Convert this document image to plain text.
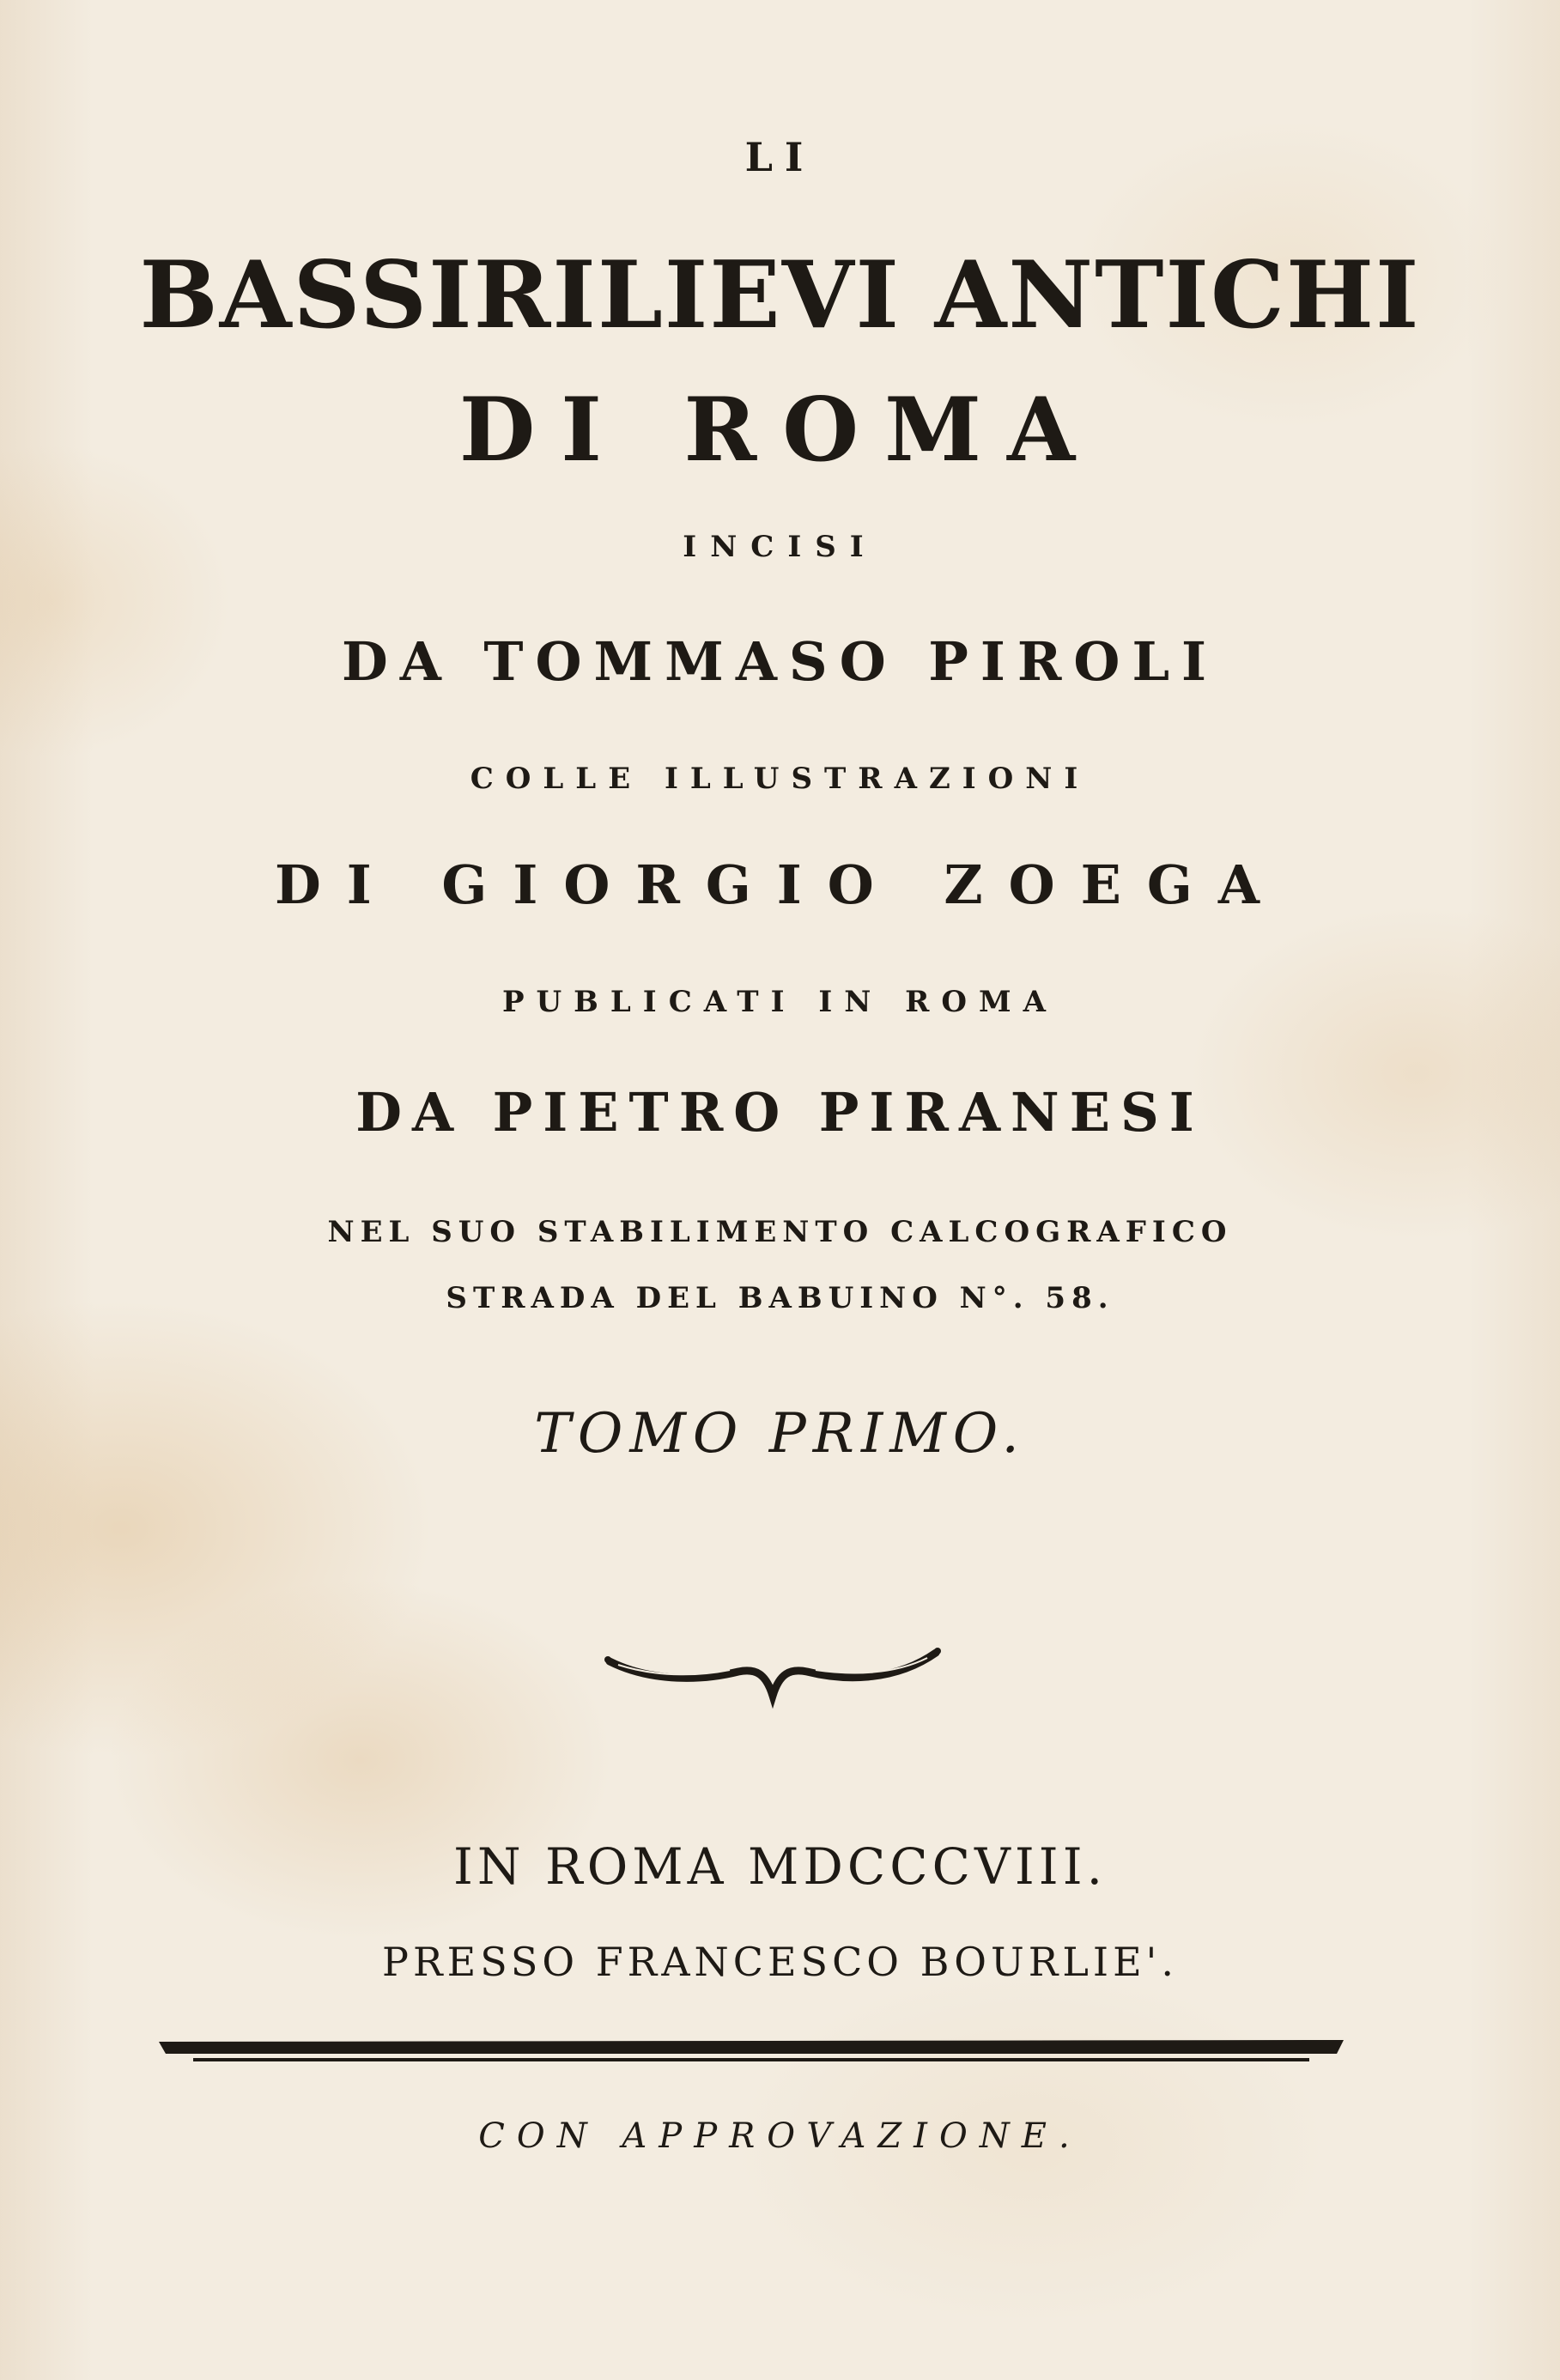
LI
BASSIRILIEVI ANTICHI
DI ROMA
INCISI
DA TOMMASO PIROLI
COLLE ILLUSTRAZIONI
DI GIORGIO ZOEGA
PUBLICATI IN ROMA
DA PIETRO PIRANESI
NEL SUO STABILIMENTO CALCOGRAFICO
STRADA DEL BABUINO N°. 58.
TOMO PRIMO.
IN ROMA MDCCCVIII.
PRESSO FRANCESCO BOURLIE'.
CON APPROVAZIONE.
